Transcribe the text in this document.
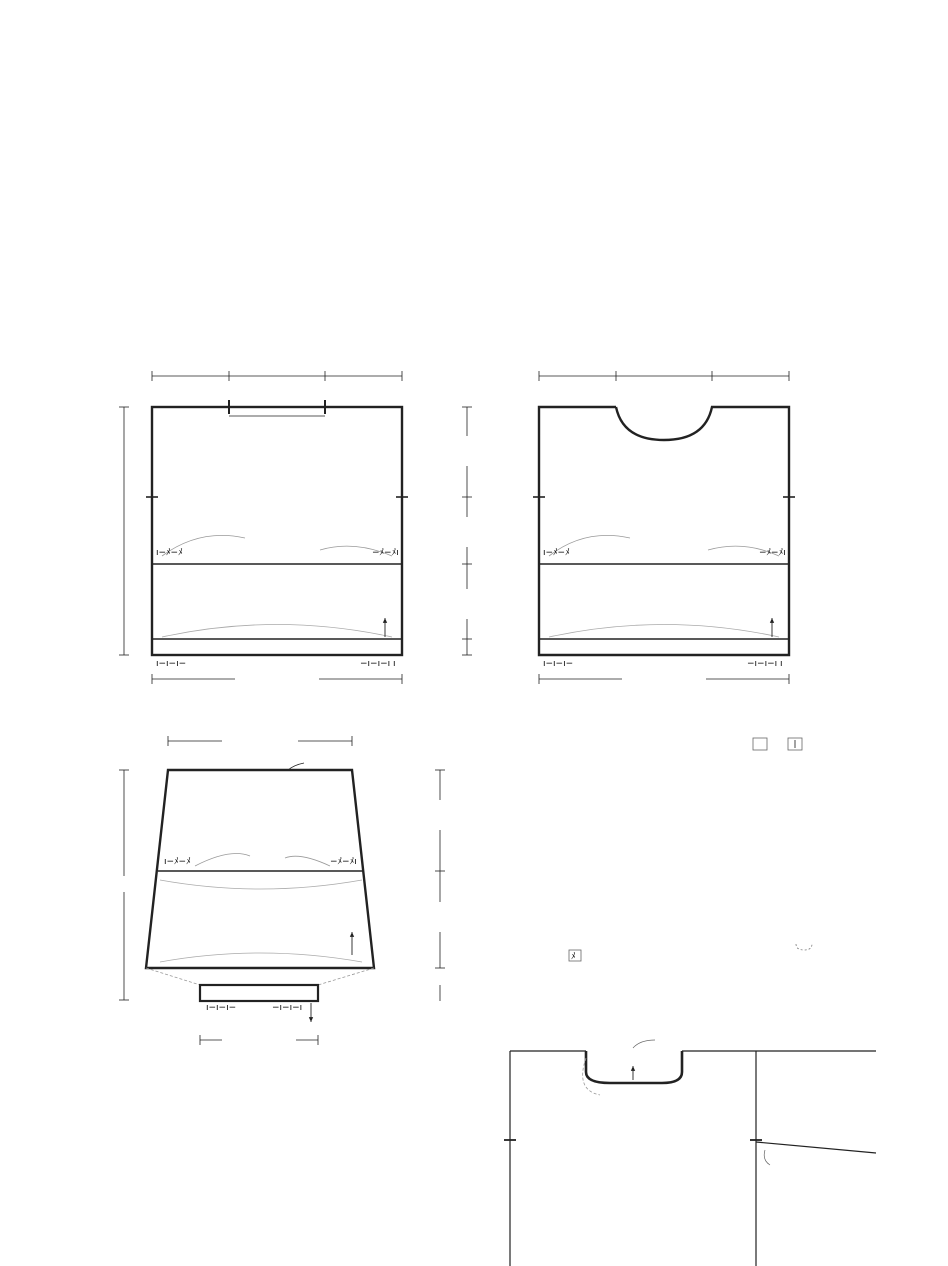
ı−ﾒ−ﾒ	−ﾒ−ﾒı
ı−ı−ı−	−ı−ı−ı ı
ı−ﾒ−ﾒ	−ﾒ−ﾒı
ı−ı−ı−	−ı−ı−ı ı
ı−ﾒ−ﾒ	−ﾒ−ﾒı
ı−ı−ı−	−ı−ı−ı
ﾒ
